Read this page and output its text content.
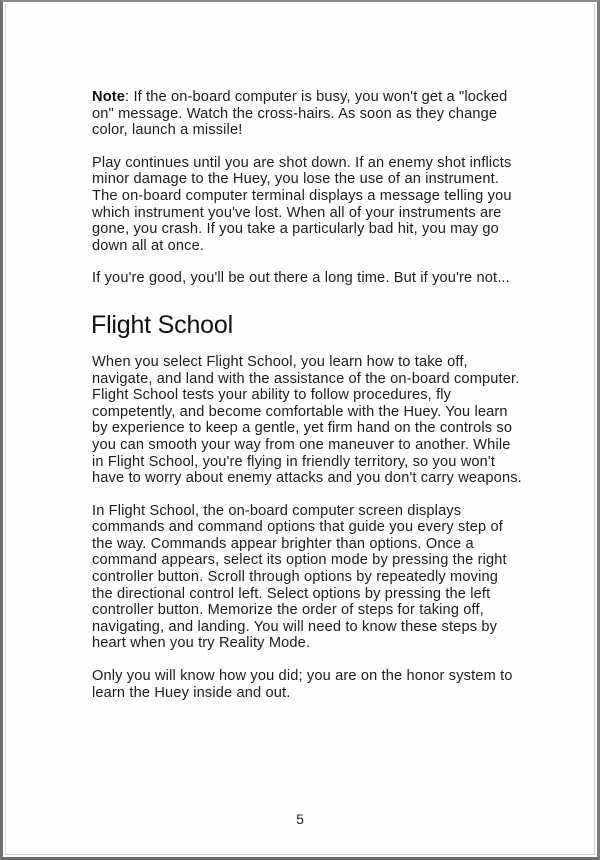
Note: If the on-board computer is busy, you won't get a "locked on" message. Watch the cross-hairs. As soon as they change color, launch a missile!

Play continues until you are shot down. If an enemy shot inflicts minor damage to the Huey, you lose the use of an instrument. The on-board computer terminal displays a message telling you which instrument you've lost. When all of your instruments are gone, you crash. If you take a particularly bad hit, you may go down all at once.

If you're good, you'll be out there a long time. But if you're not...

Flight School

When you select Flight School, you learn how to take off, navigate, and land with the assistance of the on-board computer. Flight School tests your ability to follow procedures, fly competently, and become comfortable with the Huey. You learn by experience to keep a gentle, yet firm hand on the controls so you can smooth your way from one maneuver to another. While in Flight School, you're flying in friendly territory, so you won't have to worry about enemy attacks and you don't carry weapons.

In Flight School, the on-board computer screen displays commands and command options that guide you every step of the way. Commands appear brighter than options. Once a command appears, select its option mode by pressing the right controller button. Scroll through options by repeatedly moving the directional control left. Select options by pressing the left controller button. Memorize the order of steps for taking off, navigating, and landing. You will need to know these steps by heart when you try Reality Mode.

Only you will know how you did; you are on the honor system to learn the Huey inside and out.

5
